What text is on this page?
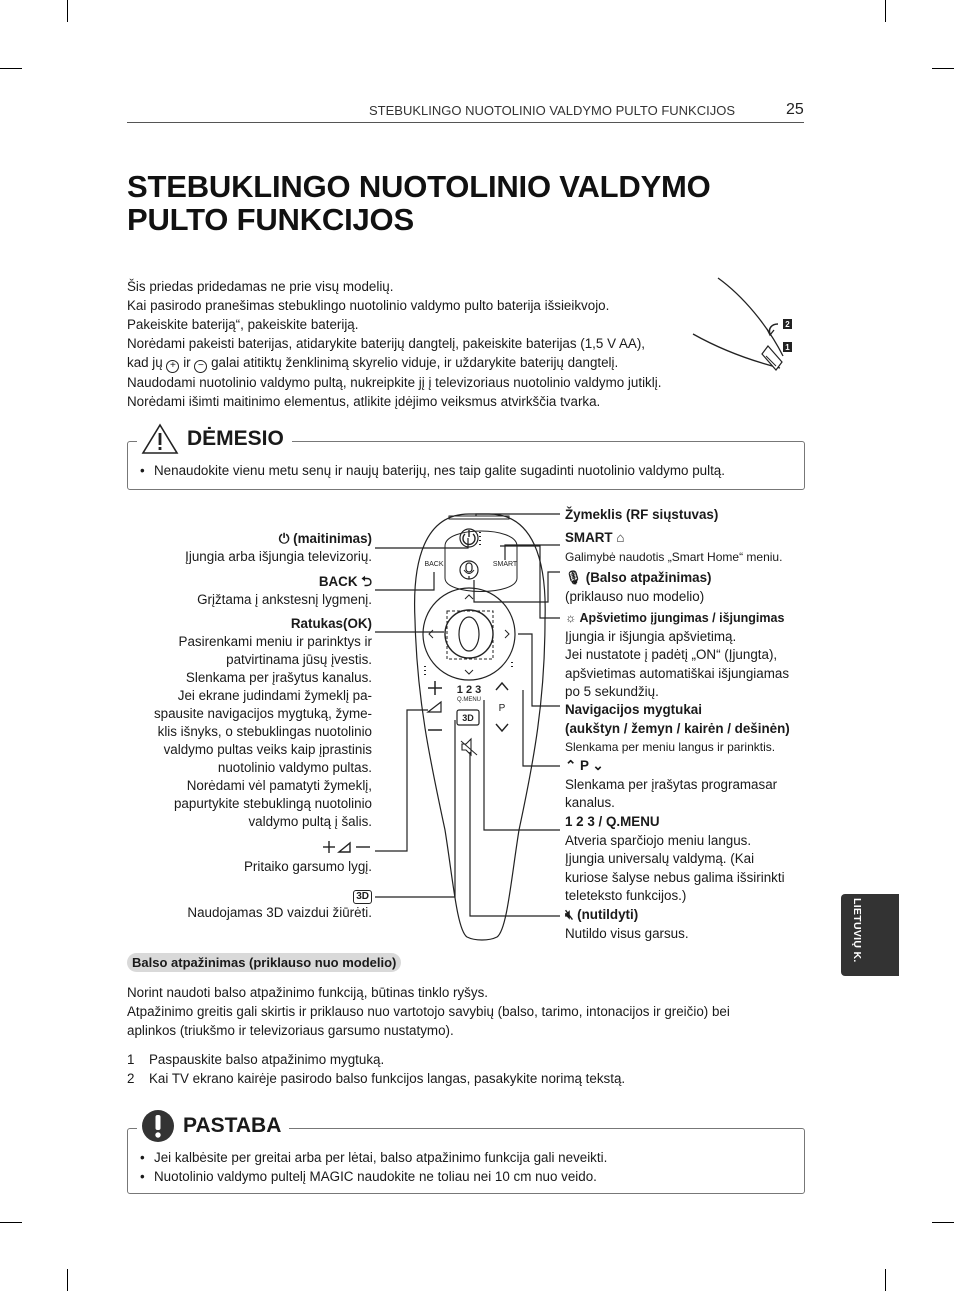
STEBUKLINGO NUOTOLINIO VALDYMO PULTO FUNKCIJOS	25
STEBUKLINGO NUOTOLINIO VALDYMO
PULTO FUNKCIJOS

Šis priedas pridedamas ne prie visų modelių.

Kai pasirodo pranešimas stebuklingo nuotolinio valdymo pulto baterija išsieikvojo.

Pakeiskite bateriją“, pakeiskite bateriją.

Norėdami pakeisti baterijas, atidarykite baterijų dangtelį, pakeiskite baterijas (1,5 V AA),

kad jų + ir − galai atitiktų ženklinimą skyrelio viduje, ir uždarykite baterijų dangtelį.

Naudodami nuotolinio valdymo pultą, nukreipkite jį į televizoriaus nuotolinio valdymo jutiklį.

Norėdami išimti maitinimo elementus, atlikite įdėjimo veiksmus atvirkščia tvarka.

2
1
• Nenaudokite vienu metu senų ir naujų baterijų, nes taip galite sugadinti nuotolinio valdymo pultą.
DĖMESIO
BACK	SMART
1 2 3
Q.MENU
P
3D
⏻ (maitinimas)
Įjungia arba išjungia televizorių.
BACK ⮌
Grįžtama į ankstesnį lygmenį.
Ratukas(OK)
Pasirenkami meniu ir parinktys ir
patvirtinama jūsų įvestis.
Slenkama per įrašytus kanalus.
Jei ekrane judindami žymeklį pa-
spausite navigacijos mygtuką, žyme-
klis išnyks, o stebuklingas nuotolinio
valdymo pultas veiks kaip įprastinis
nuotolinio valdymo pultas.
Norėdami vėl pamatyti žymeklį,
papurtykite stebuklingą nuotolinio
valdymo pultą į šalis.
Pritaiko garsumo lygį.
3D
Naudojamas 3D vaizdui žiūrėti.
Žymeklis (RF siųstuvas)
SMART ⌂
Galimybė naudotis „Smart Home“ meniu.
🎙︎ (Balso atpažinimas)
(priklauso nuo modelio)
☼ Apšvietimo įjungimas / išjungimas
Įjungia ir išjungia apšvietimą.
Jei nustatote į padėtį „ON“ (Įjungta),
apšvietimas automatiškai išjungiamas
po 5 sekundžių.
Navigacijos mygtukai
(aukštyn / žemyn / kairėn / dešinėn)
Slenkama per meniu langus ir parinktis.
⌃ P ⌄
Slenkama per įrašytas programasar
kanalus.
1 2 3 / Q.MENU
Atveria sparčiojo meniu langus.
Įjungia universalų valdymą. (Kai
kuriose šalyse nebus galima išsirinkti
teleteksto funkcijos.)
🔇︎ (nutildyti)
Nutildo visus garsus.	LIETUVIŲ K.
Balso atpažinimas (priklauso nuo modelio)

Norint naudoti balso atpažinimo funkciją, būtinas tinklo ryšys.

Atpažinimo greitis gali skirtis ir priklauso nuo vartotojo savybių (balso, tarimo, intonacijos ir greičio) bei

aplinkos (triukšmo ir televizoriaus garsumo nustatymo).

1	Paspauskite balso atpažinimo mygtuką.
2	Kai TV ekrano kairėje pasirodo balso funkcijos langas, pasakykite norimą tekstą.
• Jei kalbėsite per greitai arba per lėtai, balso atpažinimo funkcija gali neveikti.
• Nuotolinio valdymo pultelį MAGIC naudokite ne toliau nei 10 cm nuo veido.
PASTABA
